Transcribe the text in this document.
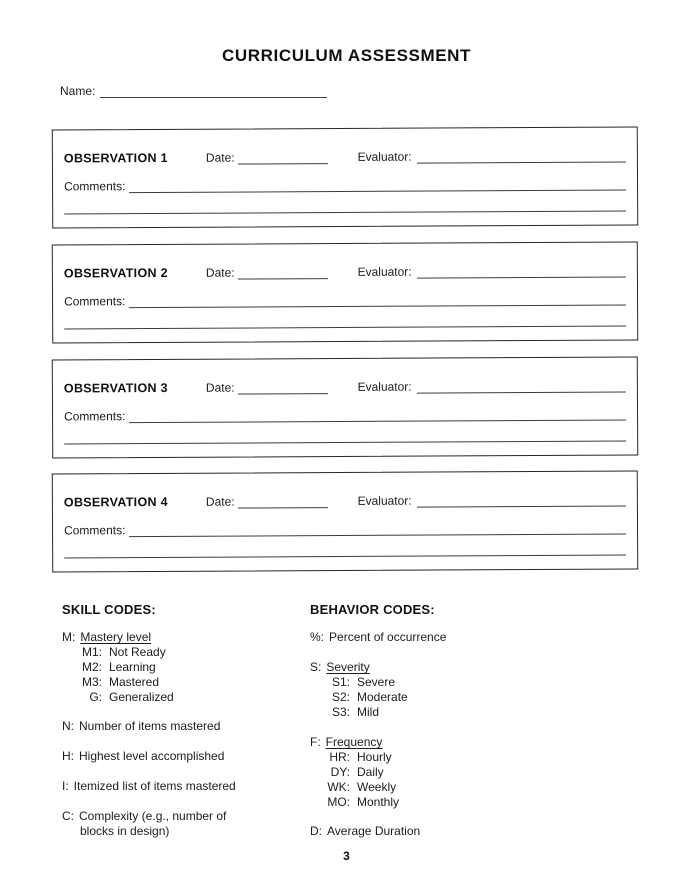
CURRICULUM ASSESSMENT
Name:
OBSERVATION 1	Date:	Evaluator:
Comments:
OBSERVATION 2	Date:	Evaluator:
Comments:
OBSERVATION 3	Date:	Evaluator:
Comments:
OBSERVATION 4	Date:	Evaluator:
Comments:
SKILL CODES:
M: Mastery level
M1: Not Ready
M2: Learning
M3: Mastered
G: Generalized
N: Number of items mastered
H: Highest level accomplished
I: Itemized list of items mastered
C: Complexity (e.g., number of
blocks in design)
BEHAVIOR CODES:
%: Percent of occurrence
S: Severity
S1: Severe
S2: Moderate
S3: Mild
F: Frequency
HR: Hourly
DY: Daily
WK: Weekly
MO: Monthly
D: Average Duration
3
